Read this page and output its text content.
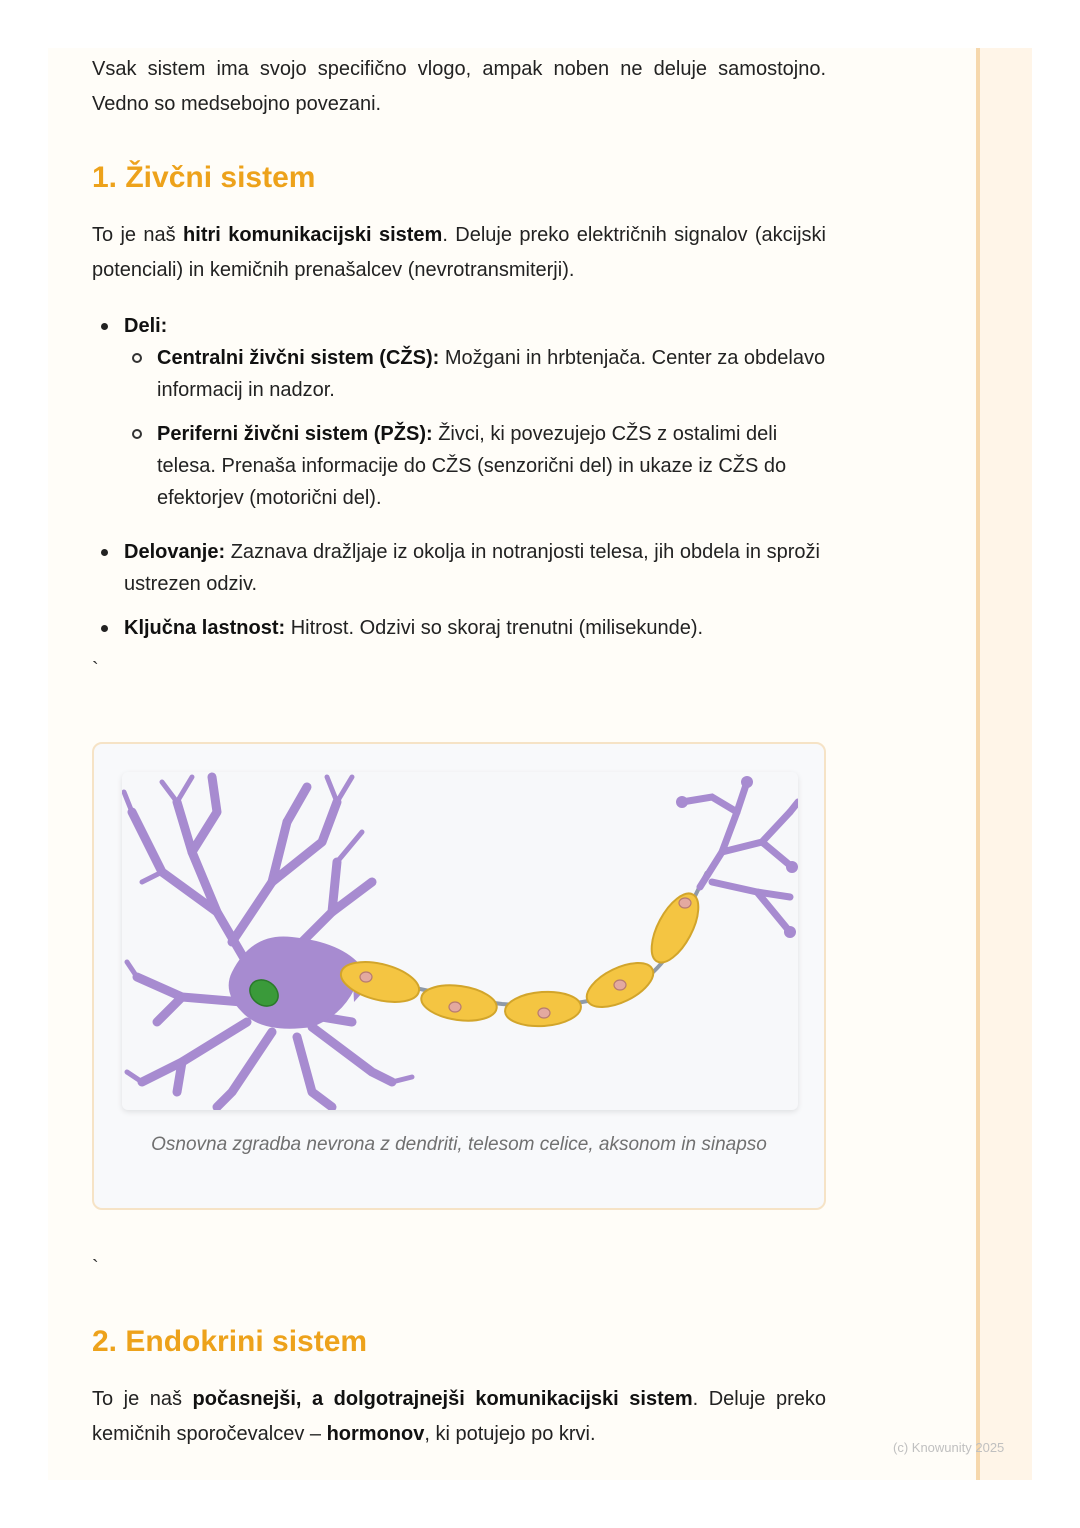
Vsak sistem ima svojo specifično vlogo, ampak noben ne deluje samostojno. Vedno so medsebojno povezani.

1. Živčni sistem

To je naš hitri komunikacijski sistem. Deluje preko električnih signalov (akcijski potenciali) in kemičnih prenašalcev (nevrotransmiterji).

Deli:
Centralni živčni sistem (CŽS): Možgani in hrbtenjača. Center za obdelavo informacij in nadzor.
Periferni živčni sistem (PŽS): Živci, ki povezujejo CŽS z ostalimi deli telesa. Prenaša informacije do CŽS (senzorični del) in ukaze iz CŽS do efektorjev (motorični del).
Delovanje: Zaznava dražljaje iz okolja in notranjosti telesa, jih obdela in sproži ustrezen odziv.
Ključna lastnost: Hitrost. Odzivi so skoraj trenutni (milisekunde).
`
Osnovna zgradba nevrona z dendriti, telesom celice, aksonom in sinapso
`
2. Endokrini sistem

To je naš počasnejši, a dolgotrajnejši komunikacijski sistem. Deluje preko kemičnih sporočevalcev – hormonov, ki potujejo po krvi.

(c) Knowunity 2025
